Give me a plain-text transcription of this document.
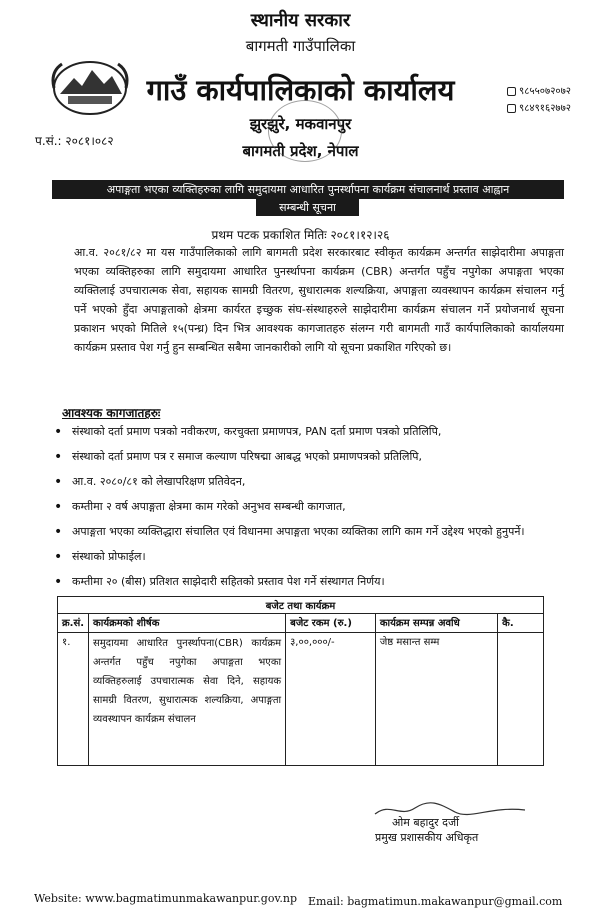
स्थानीय सरकार
बागमती गाउँपालिका
गाउँ कार्यपालिकाको कार्यालय
झुरझुरे, मकवानपुर
बागमती प्रदेश, नेपाल
प.सं.: २०८१।०८२
९८५५०७२०७२
९८४९१६२७७२
अपाङ्गता भएका व्यक्तिहरुका लागि समुदायमा आधारित पुनर्स्थापना कार्यक्रम संचालनार्थ प्रस्ताव आह्वान
सम्बन्धी सूचना
प्रथम पटक प्रकाशित मितिः २०८१।१२।२६
आ.व. २०८१/८२ मा यस गाउँपालिकाको लागि बागमती प्रदेश सरकारबाट स्वीकृत कार्यक्रम अन्तर्गत साझेदारीमा अपाङ्गता भएका व्यक्तिहरुका लागि समुदायमा आधारित पुनर्स्थापना कार्यक्रम (CBR) अन्तर्गत पहुँच नपुगेका अपाङ्गता भएका व्यक्तिलाई उपचारात्मक सेवा, सहायक सामग्री वितरण, सुधारात्मक शल्यक्रिया, अपाङ्गता व्यवस्थापन कार्यक्रम संचालन गर्नु पर्ने भएको हुँदा अपाङ्गताको क्षेत्रमा कार्यरत इच्छुक संघ-संस्थाहरुले साझेदारीमा कार्यक्रम संचालन गर्ने प्रयोजनार्थ सूचना प्रकाशन भएको मितिले १५(पन्ध्र) दिन भित्र आवश्यक कागजातहरु संलग्न गरी बागमती गाउँ कार्यपालिकाको कार्यालयमा कार्यक्रम प्रस्ताव पेश गर्नु हुन सम्बन्धित सबैमा जानकारीको लागि यो सूचना प्रकाशित गरिएको छ।
आवश्यक कागजातहरुः
• संस्थाको दर्ता प्रमाण पत्रको नवीकरण, करचुक्ता प्रमाणपत्र, PAN दर्ता प्रमाण पत्रको प्रतिलिपि,
• संस्थाको दर्ता प्रमाण पत्र र समाज कल्याण परिषद्मा आबद्ध भएको प्रमाणपत्रको प्रतिलिपि,
• आ.व. २०८०/८१ को लेखापरिक्षण प्रतिवेदन,
• कम्तीमा २ वर्ष अपाङ्गता क्षेत्रमा काम गरेको अनुभव सम्बन्धी कागजात,
• अपाङ्गता भएका व्यक्तिद्धारा संचालित एवं विधानमा अपाङ्गता भएका व्यक्तिका लागि काम गर्ने उद्देश्य भएको हुनुपर्ने।
• संस्थाको प्रोफाईल।
• कम्तीमा २० (बीस) प्रतिशत साझेदारी सहितको प्रस्ताव पेश गर्ने संस्थागत निर्णय।
बजेट तथा कार्यक्रम				
क्र.सं.	कार्यक्रमको शीर्षक	बजेट रकम (रु.)	कार्यक्रम सम्पन्न अवधि	कै.
१.	समुदायमा आधारित पुनर्स्थापना(CBR) कार्यक्रम अन्तर्गत पहुँच नपुगेका अपाङ्गता भएका व्यक्तिहरुलाई उपचारात्मक सेवा दिने, सहायक सामग्री वितरण, सुधारात्मक शल्यक्रिया, अपाङ्गता व्यवस्थापन कार्यक्रम संचालन	३,००,०००/-	जेष्ठ मसान्त सम्म	
ओम बहादुर दर्जी
प्रमुख प्रशासकीय अधिकृत
Website: www.bagmatimunmakawanpur.gov.np Email: bagmatimun.makawanpur@gmail.com
